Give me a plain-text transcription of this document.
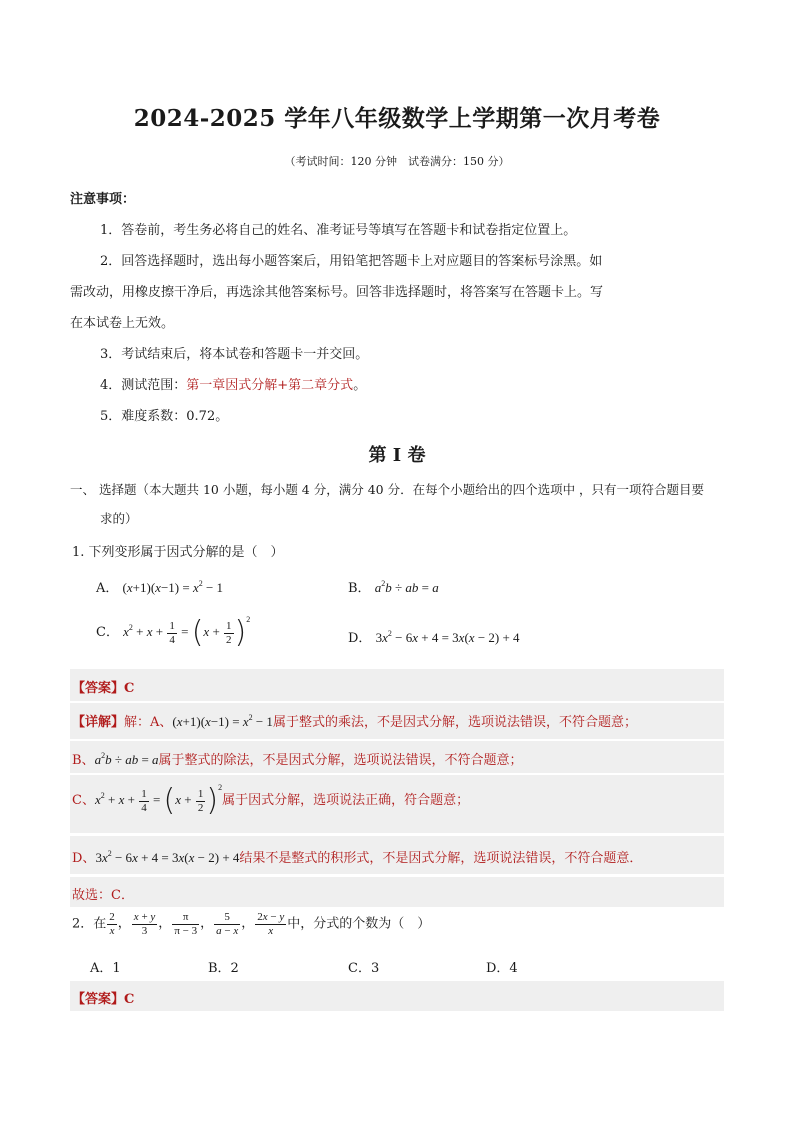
2024-2025 学年八年级数学上学期第一次月考卷
（考试时间：120 分钟　试卷满分：150 分）
注意事项：
1．答卷前，考生务必将自己的姓名、准考证号等填写在答题卡和试卷指定位置上。
2．回答选择题时，选出每小题答案后，用铅笔把答题卡上对应题目的答案标号涂黑。如
需改动，用橡皮擦干净后，再选涂其他答案标号。回答非选择题时，将答案写在答题卡上。写
在本试卷上无效。
3．考试结束后，将本试卷和答题卡一并交回。
4．测试范围：第一章因式分解+第二章分式。
5．难度系数：0.72。
第 Ⅰ 卷
一、 选择题（本大题共 10 小题，每小题 4 分，满分 40 分．在每个小题给出的四个选项中 ，只有一项符合题目要
求的）
1. 下列变形属于因式分解的是（　）
A． $(x+1)(x-1) = x^2 - 1$	B． $a^2b$ ÷ ab = a
C． $x^2 + x + \frac{1}{4} = (x + \frac{1}{2} )^2$
D． $3x^2 - 6x + 4 = 3x(x - 2) + 4$
【答案】C
【详解】解：A、$(x+1)(x-1) = x^2 - 1$属于整式的乘法，不是因式分解，选项说法错误，不符合题意；
B、$a^2b$ ÷ ab = a属于整式的除法，不是因式分解，选项说法错误，不符合题意；
C、$x^2 + x + \frac{1}{4} = (x + \frac{1}{2} )^2$属于因式分解，选项说法正确，符合题意；
D、$3x^2 - 6x + 4 = 3x(x - 2) + 4$结果不是整式的积形式，不是因式分解，选项说法错误，不符合题意．
故选：C．
2．在 $\frac{2}{x}$ ， $\frac{x + y}{3}$ ， $\frac{\pi}{\pi - 3}$ ， $\frac{5}{a - x}$ ， $\frac{2x - y}{x}$ 中，分式的个数为（　）
A．1	B．2	C．3	D．4
【答案】C
